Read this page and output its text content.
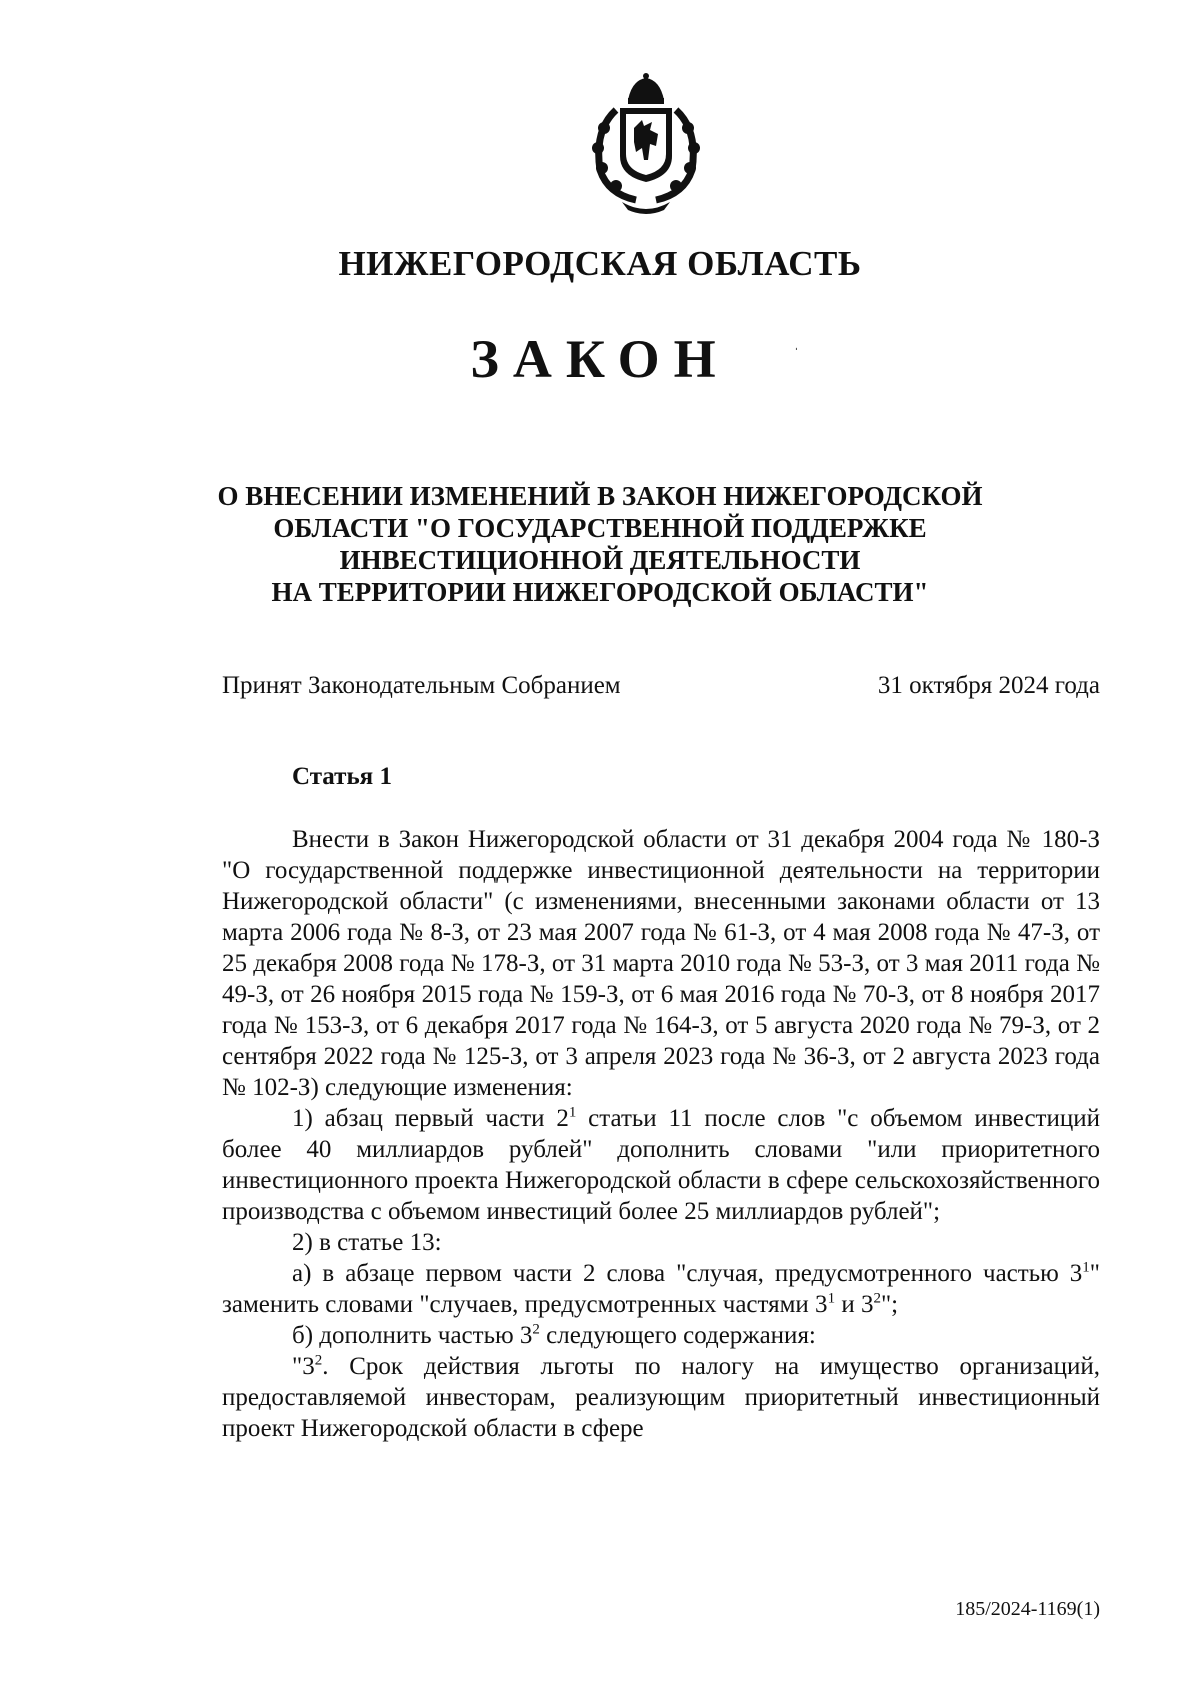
НИЖЕГОРОДСКАЯ ОБЛАСТЬ
ЗАКОН	ˌ
О ВНЕСЕНИИ ИЗМЕНЕНИЙ В ЗАКОН НИЖЕГОРОДСКОЙ
ОБЛАСТИ "О ГОСУДАРСТВЕННОЙ ПОДДЕРЖКЕ
ИНВЕСТИЦИОННОЙ ДЕЯТЕЛЬНОСТИ
НА ТЕРРИТОРИИ НИЖЕГОРОДСКОЙ ОБЛАСТИ"
Принят Законодательным Собранием	31 октября 2024 года
Статья 1

Внести в Закон Нижегородской области от 31 декабря 2004 года № 180-З "О государственной поддержке инвестиционной деятельности на территории Нижегородской области" (с изменениями, внесенными законами области от 13 марта 2006 года № 8-З, от 23 мая 2007 года № 61-З, от 4 мая 2008 года № 47-З, от 25 декабря 2008 года № 178-З, от 31 марта 2010 года № 53-З, от 3 мая 2011 года № 49-З, от 26 ноября 2015 года № 159-З, от 6 мая 2016 года № 70-З, от 8 ноября 2017 года № 153-З, от 6 декабря 2017 года № 164-З, от 5 августа 2020 года № 79-З, от 2 сентября 2022 года № 125-З, от 3 апреля 2023 года № 36-З, от 2 августа 2023 года № 102-З) следующие изменения:

1) абзац первый части $2^1$ статьи 11 после слов "с объемом инвестиций более 40 миллиардов рублей" дополнить словами "или приоритетного инвестиционного проекта Нижегородской области в сфере сельскохозяйственного производства с объемом инвестиций более 25 миллиардов рублей";

2) в статье 13:

а) в абзаце первом части 2 слова "случая, предусмотренного частью $3^1$" заменить словами "случаев, предусмотренных частями $3^1$ и $3^2$";

б) дополнить частью $3^2$ следующего содержания:

"$3^2$. Срок действия льготы по налогу на имущество организаций, предоставляемой инвесторам, реализующим приоритетный инвестиционный проект Нижегородской области в сфере

185/2024-1169(1)
